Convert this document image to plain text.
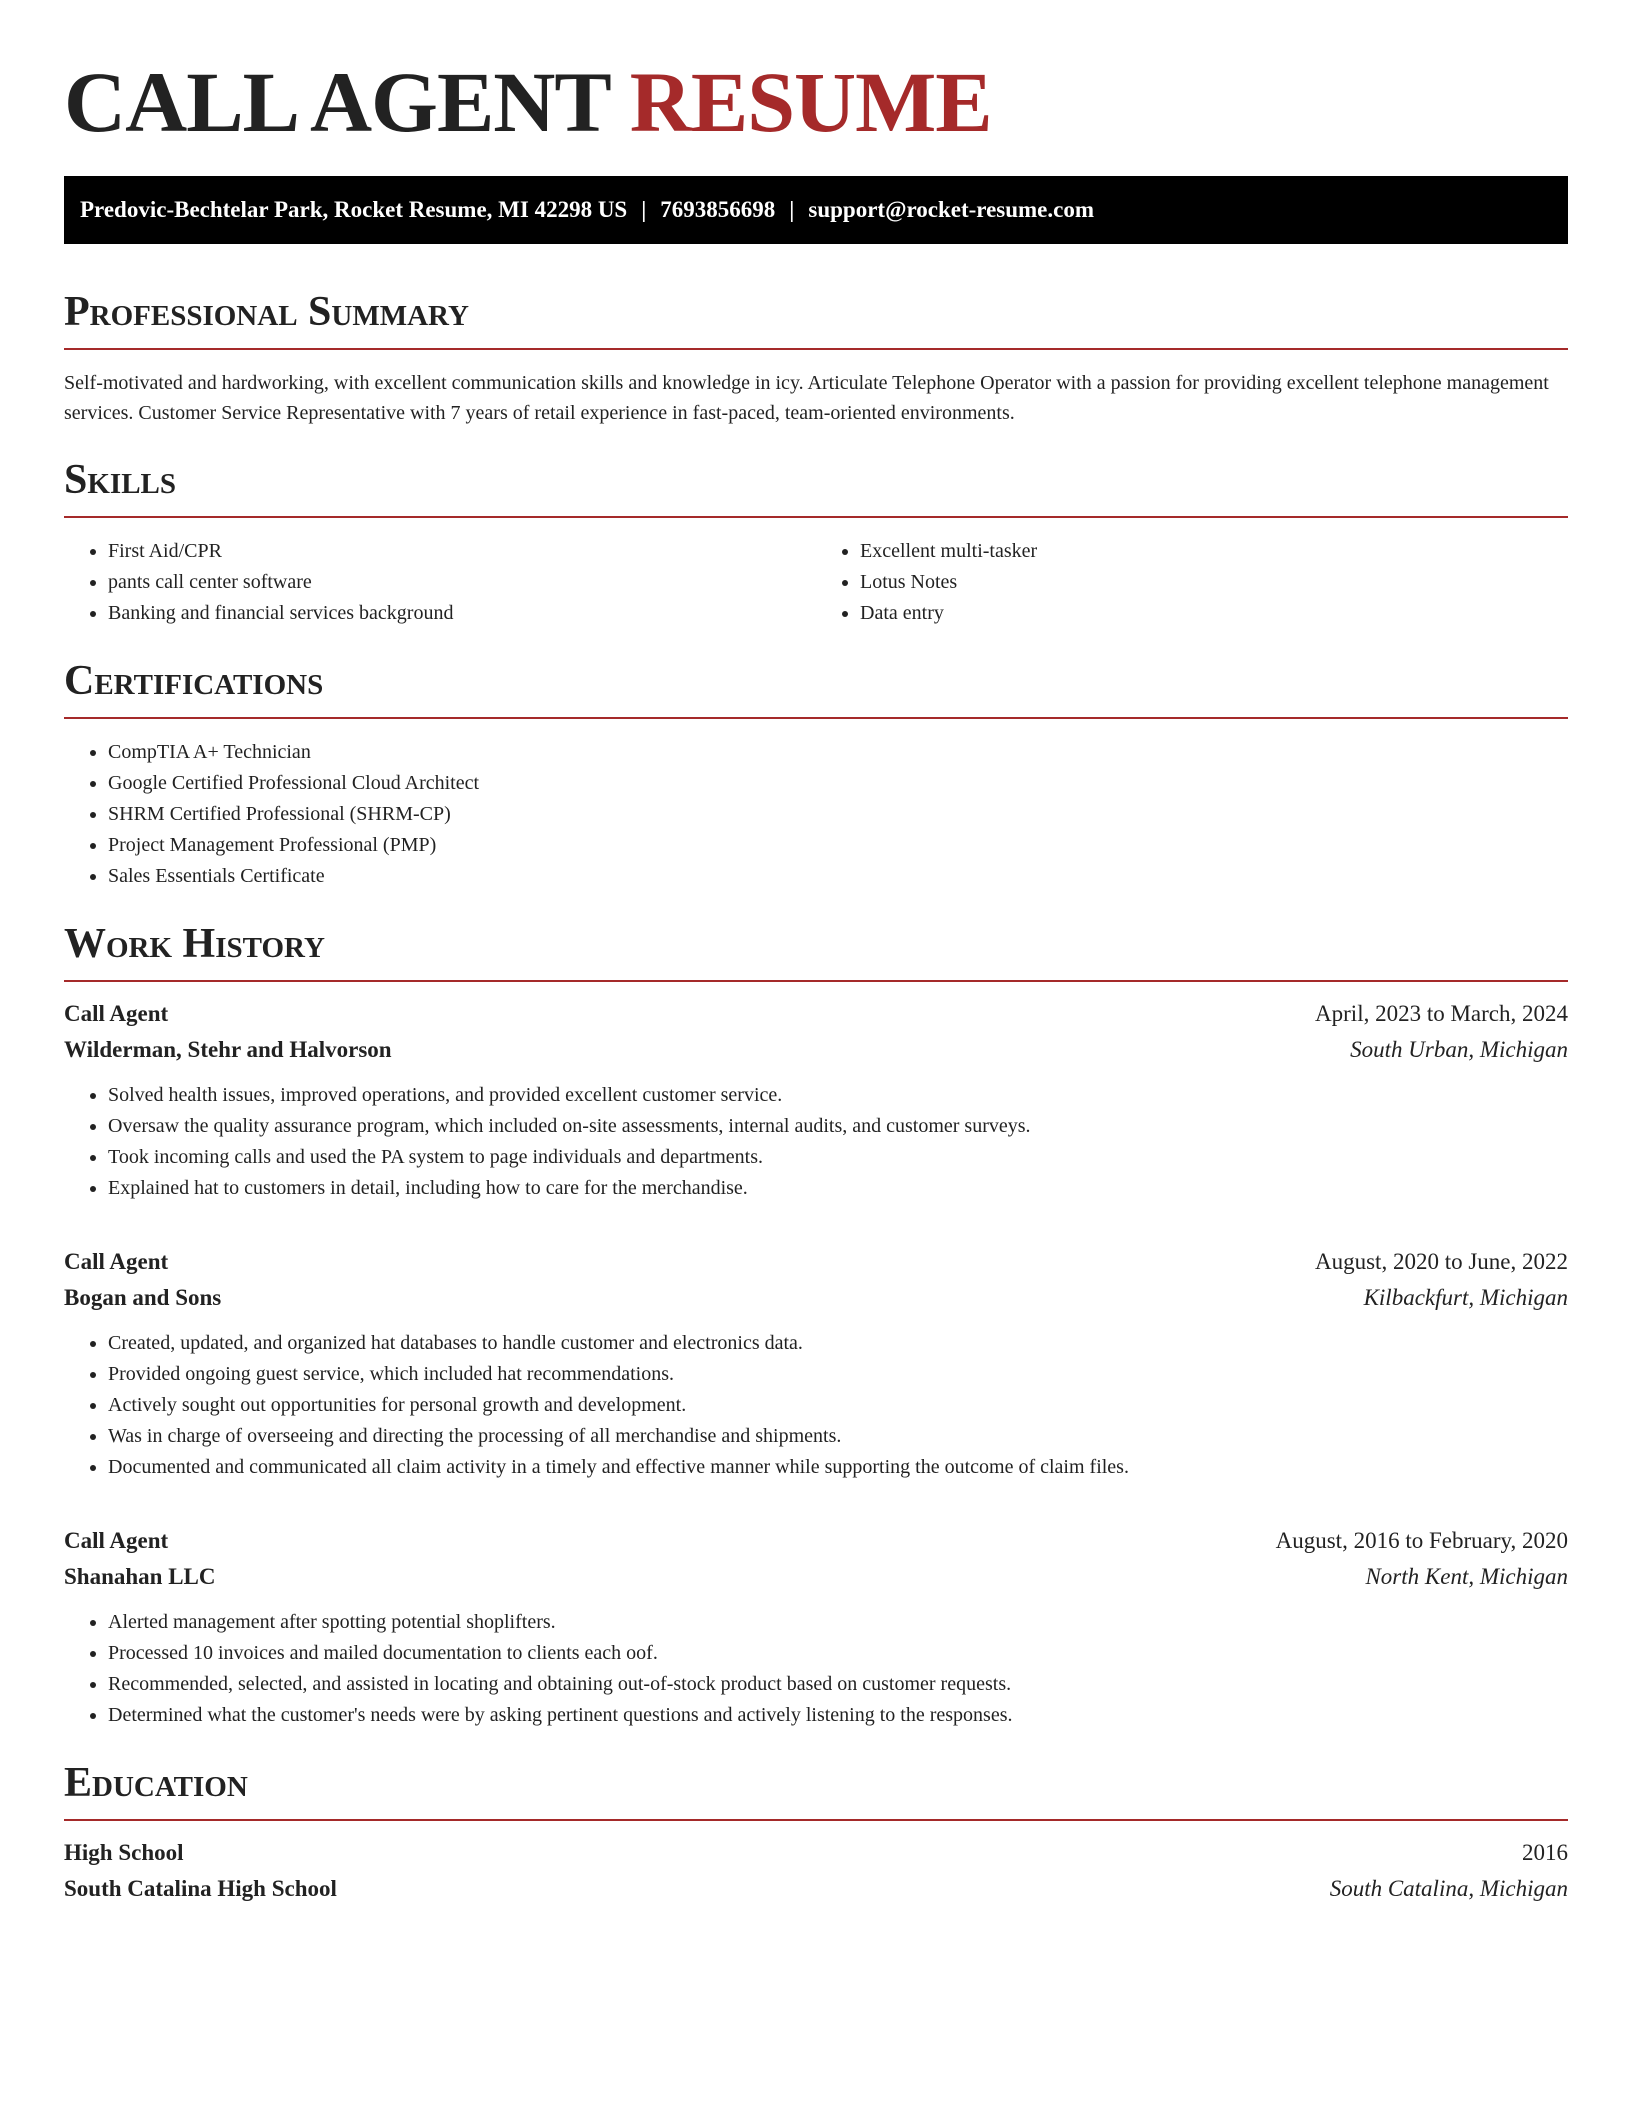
CALL AGENT RESUME
Predovic-Bechtelar Park, Rocket Resume, MI 42298 US | 7693856698 | support@rocket-resume.com
Professional Summary

Self-motivated and hardworking, with excellent communication skills and knowledge in icy. Articulate Telephone Operator with a passion for providing excellent telephone management services. Customer Service Representative with 7 years of retail experience in fast-paced, team-oriented environments.

Skills
• First Aid/CPR
• pants call center software
• Banking and financial services background
• Excellent multi-tasker
• Lotus Notes
• Data entry
Certifications
• CompTIA A+ Technician
• Google Certified Professional Cloud Architect
• SHRM Certified Professional (SHRM-CP)
• Project Management Professional (PMP)
• Sales Essentials Certificate
Work History
Call Agent	April, 2023 to March, 2024
Wilderman, Stehr and Halvorson	South Urban, Michigan
• Solved health issues, improved operations, and provided excellent customer service.
• Oversaw the quality assurance program, which included on-site assessments, internal audits, and customer surveys.
• Took incoming calls and used the PA system to page individuals and departments.
• Explained hat to customers in detail, including how to care for the merchandise.
Call Agent	August, 2020 to June, 2022
Bogan and Sons	Kilbackfurt, Michigan
• Created, updated, and organized hat databases to handle customer and electronics data.
• Provided ongoing guest service, which included hat recommendations.
• Actively sought out opportunities for personal growth and development.
• Was in charge of overseeing and directing the processing of all merchandise and shipments.
• Documented and communicated all claim activity in a timely and effective manner while supporting the outcome of claim files.
Call Agent	August, 2016 to February, 2020
Shanahan LLC	North Kent, Michigan
• Alerted management after spotting potential shoplifters.
• Processed 10 invoices and mailed documentation to clients each oof.
• Recommended, selected, and assisted in locating and obtaining out-of-stock product based on customer requests.
• Determined what the customer's needs were by asking pertinent questions and actively listening to the responses.
Education
High School	2016
South Catalina High School	South Catalina, Michigan
